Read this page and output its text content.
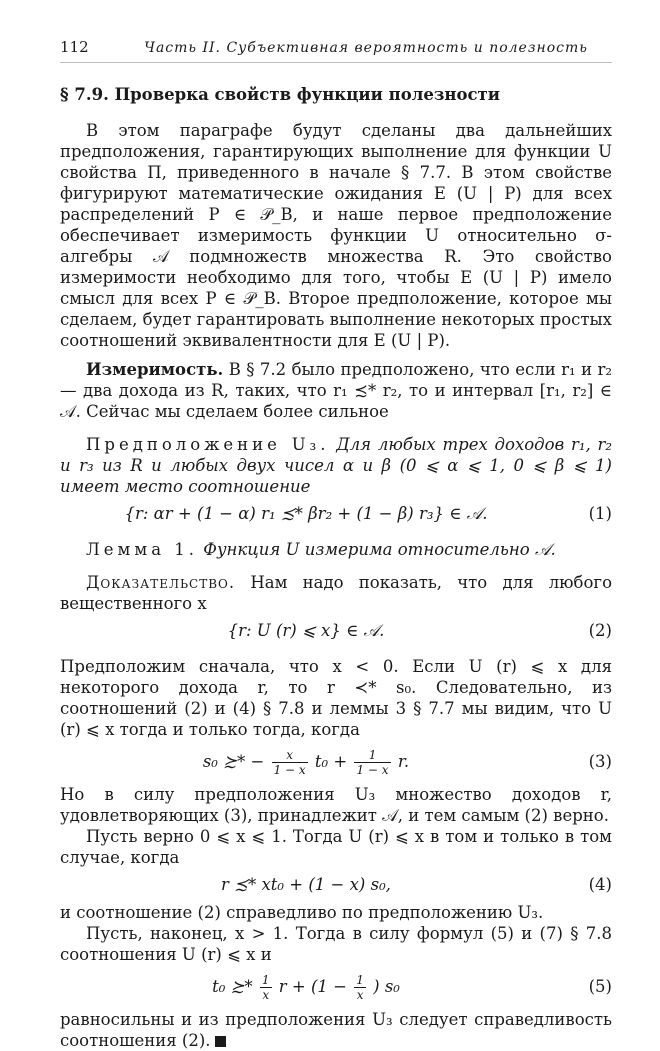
112	Часть II. Субъективная вероятность и полезность
§ 7.9. Проверка свойств функции полезности

В этом параграфе будут сделаны два дальнейших предположения, гарантирующих выполнение для функции U свойства П, приведенного в начале § 7.7. В этом свойстве фигурируют математические ожидания E (U | P) для всех распределений P ∈ 𝒫_B, и наше первое предположение обеспечивает измеримость функции U относительно σ-алгебры 𝒜 подмножеств множества R. Это свойство измеримости необходимо для того, чтобы E (U | P) имело смысл для всех P ∈ 𝒫_B. Второе предположение, которое мы сделаем, будет гарантировать выполнение некоторых простых соотношений эквивалентности для E (U | P).

Измеримость. В § 7.2 было предположено, что если r₁ и r₂ — два дохода из R, таких, что r₁ ≾* r₂, то и интервал [r₁, r₂] ∈ 𝒜. Сейчас мы сделаем более сильное

Предположение U₃. Для любых трех доходов r₁, r₂ и r₃ из R и любых двух чисел α и β (0 ⩽ α ⩽ 1, 0 ⩽ β ⩽ 1) имеет место соотношение

{r: αr + (1 − α) r₁ ≾* βr₂ + (1 − β) r₃} ∈ 𝒜.	(1)

Лемма 1. Функция U измерима относительно 𝒜.

Доказательство. Нам надо показать, что для любого вещественного x

{r: U (r) ⩽ x} ∈ 𝒜.	(2)

Предположим сначала, что x < 0. Если U (r) ⩽ x для некоторого дохода r, то r ≺* s₀. Следовательно, из соотношений (2) и (4) § 7.8 и леммы 3 § 7.7 мы видим, что U (r) ⩽ x тогда и только тогда, когда

s₀ ≿* − $\frac{x}{1 - x} t_0 + \frac{1}{1 - x} r$.	(3)

Но в силу предположения U₃ множество доходов r, удовлетворяющих (3), принадлежит 𝒜, и тем самым (2) верно.

Пусть верно 0 ⩽ x ⩽ 1. Тогда U (r) ⩽ x в том и только в том случае, когда

r ≾* xt₀ + (1 − x) s₀,	(4)

и соотношение (2) справедливо по предположению U₃.

Пусть, наконец, x > 1. Тогда в силу формул (5) и (7) § 7.8 соотношения U (r) ⩽ x и

t₀ ≿* $\frac{1}{x}$ $r + (1 - \frac{1}{x}$ ) s₀	(5)

равносильны и из предположения U₃ следует справедливость соотношения (2).
